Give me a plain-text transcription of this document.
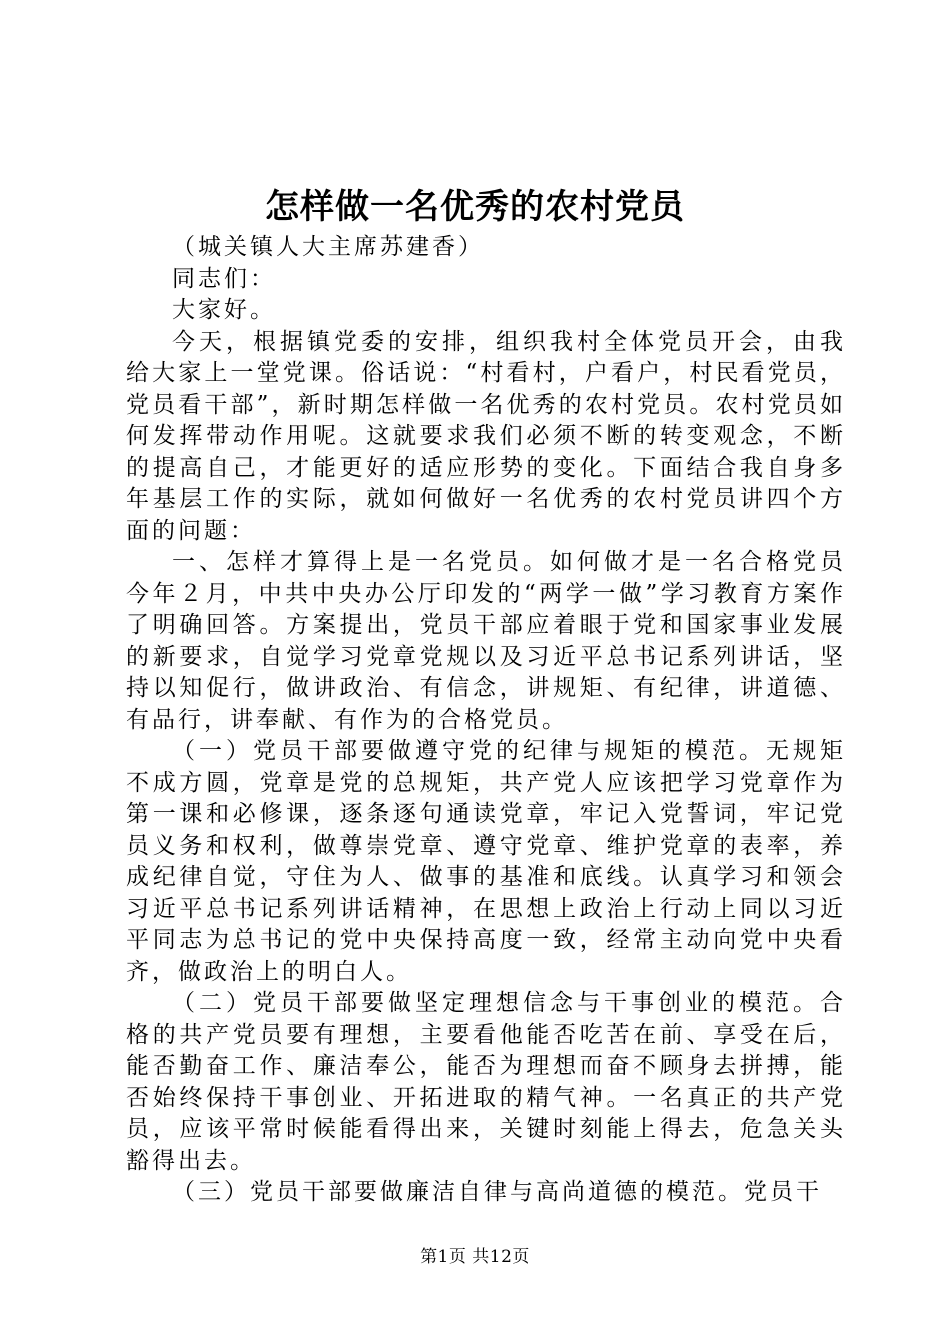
怎样做一名优秀的农村党员

（城关镇人大主席苏建香）

同志们：

大家好。

今天，根据镇党委的安排，组织我村全体党员开会，由我给大家上一堂党课。俗话说：“村看村，户看户，村民看党员，党员看干部”，新时期怎样做一名优秀的农村党员。农村党员如何发挥带动作用呢。这就要求我们必须不断的转变观念，不断的提高自己，才能更好的适应形势的变化。下面结合我自身多年基层工作的实际，就如何做好一名优秀的农村党员讲四个方面的问题：

一、怎样才算得上是一名党员。如何做才是一名合格党员今年２月，中共中央办公厅印发的“两学一做”学习教育方案作了明确回答。方案提出，党员干部应着眼于党和国家事业发展的新要求，自觉学习党章党规以及习近平总书记系列讲话，坚持以知促行，做讲政治、有信念，讲规矩、有纪律，讲道德、有品行，讲奉献、有作为的合格党员。

（一）党员干部要做遵守党的纪律与规矩的模范。无规矩不成方圆，党章是党的总规矩，共产党人应该把学习党章作为第一课和必修课，逐条逐句通读党章，牢记入党誓词，牢记党员义务和权利，做尊崇党章、遵守党章、维护党章的表率，养成纪律自觉，守住为人、做事的基准和底线。认真学习和领会习近平总书记系列讲话精神，在思想上政治上行动上同以习近平同志为总书记的党中央保持高度一致，经常主动向党中央看齐，做政治上的明白人。

（二）党员干部要做坚定理想信念与干事创业的模范。合格的共产党员要有理想，主要看他能否吃苦在前、享受在后，能否勤奋工作、廉洁奉公，能否为理想而奋不顾身去拼搏，能否始终保持干事创业、开拓进取的精气神。一名真正的共产党员，应该平常时候能看得出来，关键时刻能上得去，危急关头豁得出去。

（三）党员干部要做廉洁自律与高尚道德的模范。党员干

第1页 共12页
